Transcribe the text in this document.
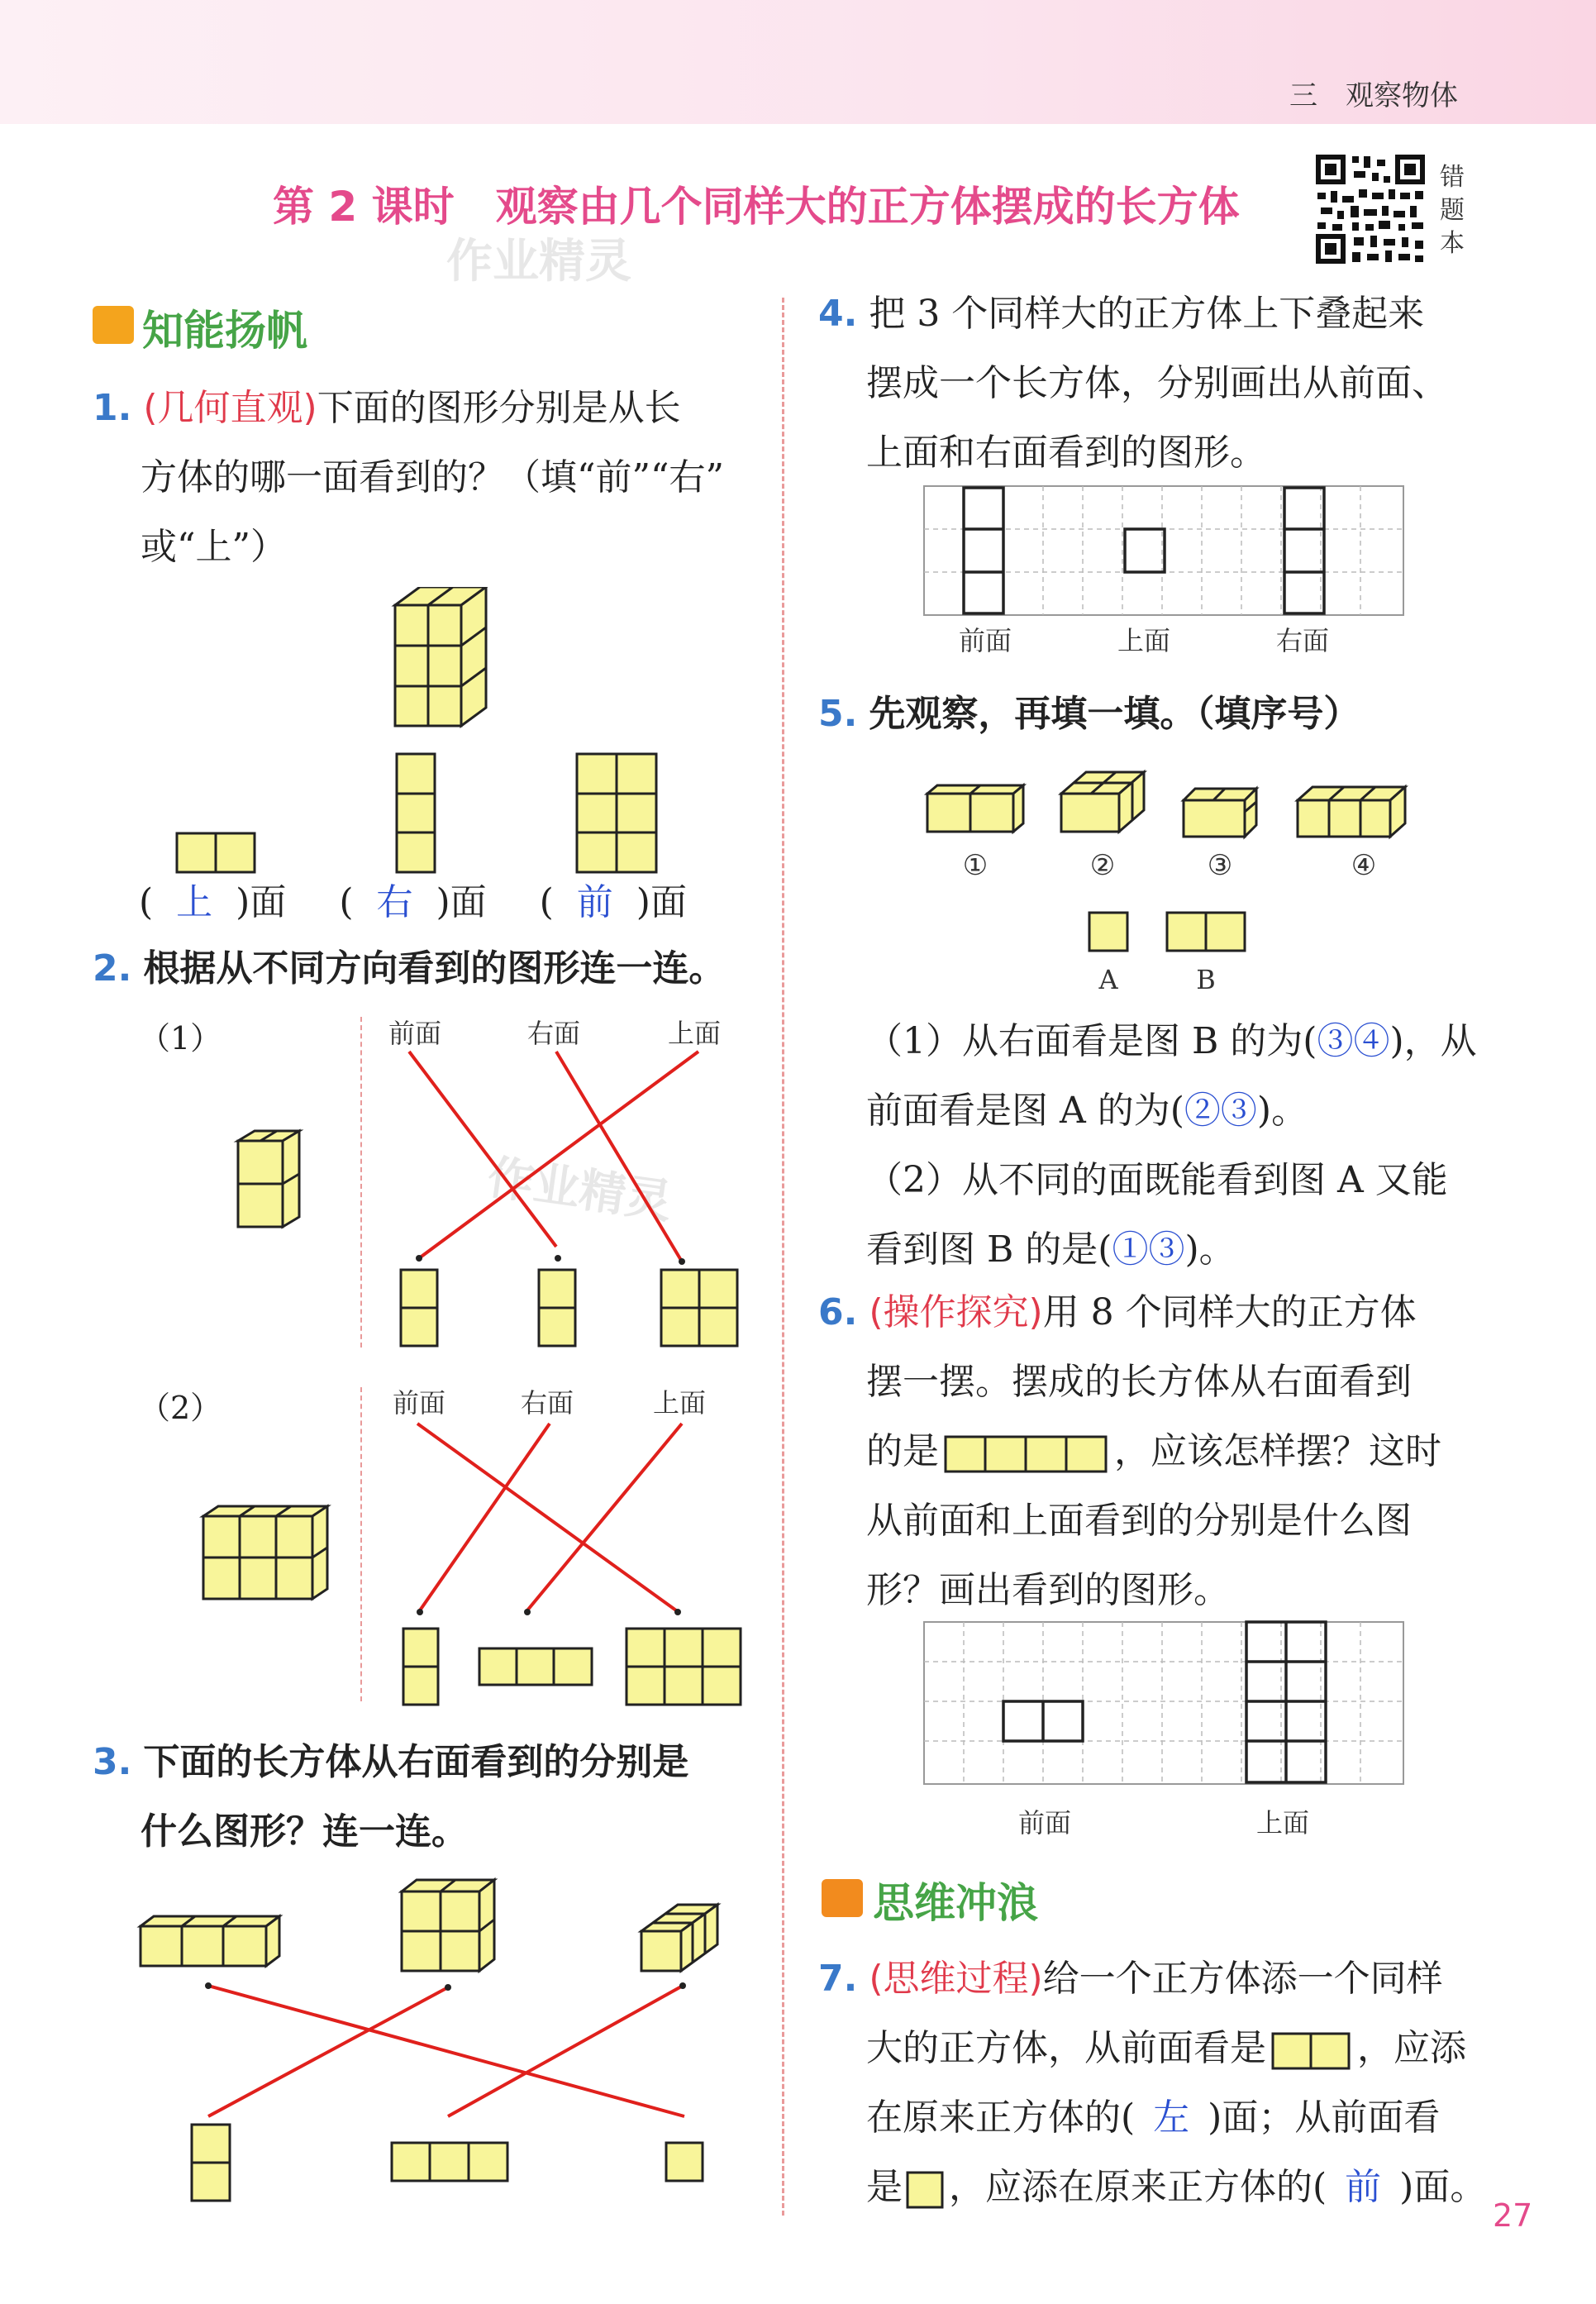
三　观察物体
第 2 课时　观察由几个同样大的正方体摆成的长方体
错题本
作业精灵
作业精灵
知能扬帆
1. (几何直观)下面的图形分别是从长
方体的哪一面看到的？（填“前”“右”
或“上”）
( 上 )面 ( 右 )面 ( 前 )面
2. 根据从不同方向看到的图形连一连。
（1）	前面	右面	上面
（2）	前面	右面	上面
3. 下面的长方体从右面看到的分别是
什么图形？连一连。
4. 把 3 个同样大的正方体上下叠起来
摆成一个长方体，分别画出从前面、
上面和右面看到的图形。
前面	上面	右面
5. 先观察，再填一填。（填序号）
①	②	③	④
A	B
（1）从右面看是图 B 的为(③④)，从
前面看是图 A 的为(②③)。
（2）从不同的面既能看到图 A 又能
看到图 B 的是(①③)。
6. (操作探究)用 8 个同样大的正方体
摆一摆。摆成的长方体从右面看到
的是	，应该怎样摆？这时
从前面和上面看到的分别是什么图
形？画出看到的图形。
前面	上面
思维冲浪
7. (思维过程)给一个正方体添一个同样
大的正方体，从前面看是	，应添
在原来正方体的( 左 )面；从前面看
是 ，应添在原来正方体的( 前 )面。
27
